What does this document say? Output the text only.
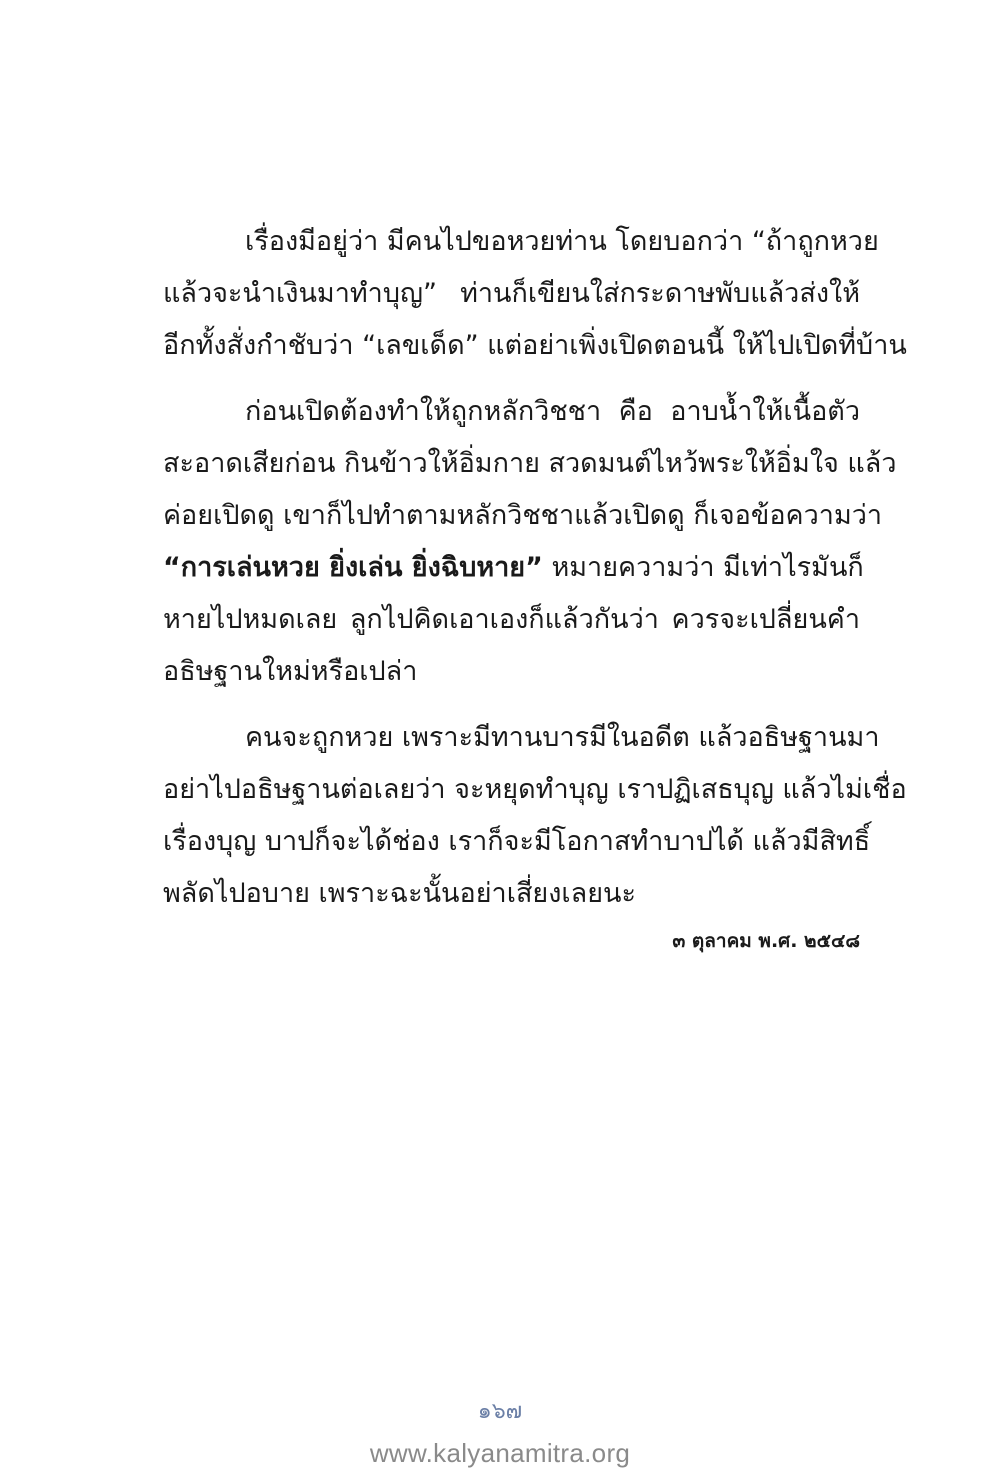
เรื่องมีอยู่ว่า มีคนไปขอหวยท่าน โดยบอกว่า “ถ้าถูกหวย
แล้วจะนำเงินมาทำบุญ” ท่านก็เขียนใส่กระดาษพับแล้วส่งให้
อีกทั้งสั่งกำชับว่า “เลขเด็ด” แต่อย่าเพิ่งเปิดตอนนี้ ให้ไปเปิดที่บ้าน
ก่อนเปิดต้องทำให้ถูกหลักวิชชา คือ อาบน้ำให้เนื้อตัว
สะอาดเสียก่อน กินข้าวให้อิ่มกาย สวดมนต์ไหว้พระให้อิ่มใจ แล้ว
ค่อยเปิดดู เขาก็ไปทำตามหลักวิชชาแล้วเปิดดู ก็เจอข้อความว่า
“การเล่นหวย ยิ่งเล่น ยิ่งฉิบหาย” หมายความว่า มีเท่าไรมันก็
หายไปหมดเลย ลูกไปคิดเอาเองก็แล้วกันว่า ควรจะเปลี่ยนคำ
อธิษฐานใหม่หรือเปล่า
คนจะถูกหวย เพราะมีทานบารมีในอดีต แล้วอธิษฐานมา
อย่าไปอธิษฐานต่อเลยว่า จะหยุดทำบุญ เราปฏิเสธบุญ แล้วไม่เชื่อ
เรื่องบุญ บาปก็จะได้ช่อง เราก็จะมีโอกาสทำบาปได้ แล้วมีสิทธิ์
พลัดไปอบาย เพราะฉะนั้นอย่าเสี่ยงเลยนะ
๓ ตุลาคม พ.ศ. ๒๕๔๘
๑๖๗
www.kalyanamitra.org
